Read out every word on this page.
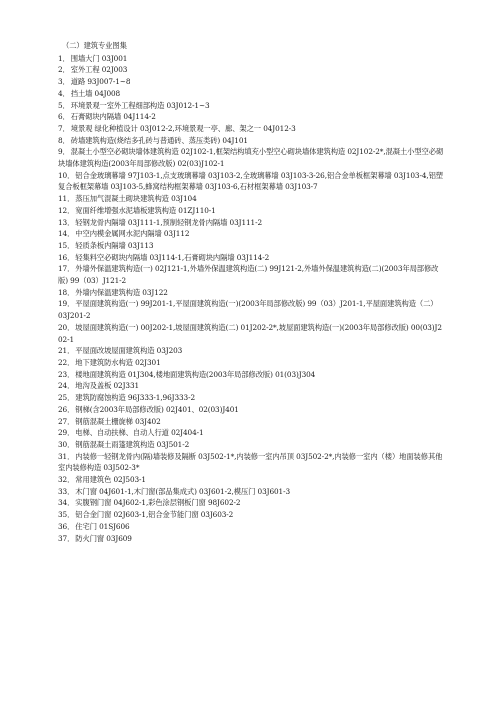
（二）建筑专业图集

1．围墙大门 03J001

2．室外工程 02J003

3．道路 93J007-1~8

4．挡土墙 04J008

5．环境景观一室外工程细部构造 03J012-1~3

6．石膏砌块内隔墙 04J114-2

7．境景观 绿化种植设计 03J012-2,环境景观一亭、廊、架之一 04J012-3

8．砖墙建筑构造(烧结多孔砖与普通砖、蒸压类砖) 04J101

9．混凝土小型空必砌块墙体建筑构造 02J102-1,框架结构填充小型空心砌块墙体建筑构造 02J102-2*,混凝土小型空必砌块墙体建筑构造(2003年局部修改版) 02(03)J102-1

10．铝合金玻璃幕墙 97J103-1,点支玻璃幕墙 03J103-2,全玻璃幕墙 03J103-3-26,铝合金单板框架幕墙 03J103-4,铝塑复合板框架幕墙 03J103-5,蜂窝结构框架幕墙 03J103-6,石材框架幕墙 03J103-7

11．蒸压加气混凝土砌块建筑构造 03J104

12．宽面纤维增强水泥墙板建筑构造 01ZJ110-1

13．轻钢龙骨内隔墙 03J111-1,预制轻钢龙骨内隔墙 03J111-2

14．中空内模金属网水泥内隔墙 03J112

15．轻质条板内隔墙 03J113

16．轻集料空必砌块内隔墙 03J114-1,石膏砌块内隔墙 03J114-2

17．外墙外保温建筑构造(一) 02J121-1,外墙外保温建筑构造(二) 99J121-2,外墙外保温建筑构造(二)(2003年局部修改版) 99（03）J121-2

18．外墙内保温建筑构造 03J122

19．平屋面建筑构造(一) 99J201-1,平屋面建筑构造(一)(2003年局部修改版) 99（03）J201-1,平屋面建筑构造（二） 03J201-2

20．坡屋面建筑构造(一) 00J202-1,坡屋面建筑构造(二) 01J202-2*,坡屋面建筑构造(一)(2003年局部修改版) 00(03)J202-1

21．平屋面改坡屋面建筑构造 03J203

22．地下建筑防水构造 02J301

23．楼地面建筑构造 01J304,楼地面建筑构造(2003年局部修改版) 01(03)J304

24．地沟及盖板 02J331

25．建筑防腐蚀构造 96J333-1,96J333-2

26．钢梯(含2003年局部修改版) 02J401、02(03)J401

27．钢筋混凝土栅旋梯 03J402

29．电梯、自动扶梯、自动人行道 02J404-1

30．钢筋混凝土雨篷建筑构造 03J501-2

31．内装修一轻钢龙骨内(隔)墙装修及隔断 03J502-1*,内装修一室内吊顶 03J502-2*,内装修一室内（楼）地面装修其他室内装修构造 03J502-3*

32．常用建筑色 02J503-1

33．木门窗 04J601-1,木门窗(部品集成式) 03J601-2,模压门 03J601-3

34．实腹钢门窗 04J602-1,彩色涂层钢板门窗 98J602-2

35．铝合金门窗 02J603-1,铝合金节能门窗 03J603-2

36．住宅门 01SJ606

37．防火门窗 03J609
